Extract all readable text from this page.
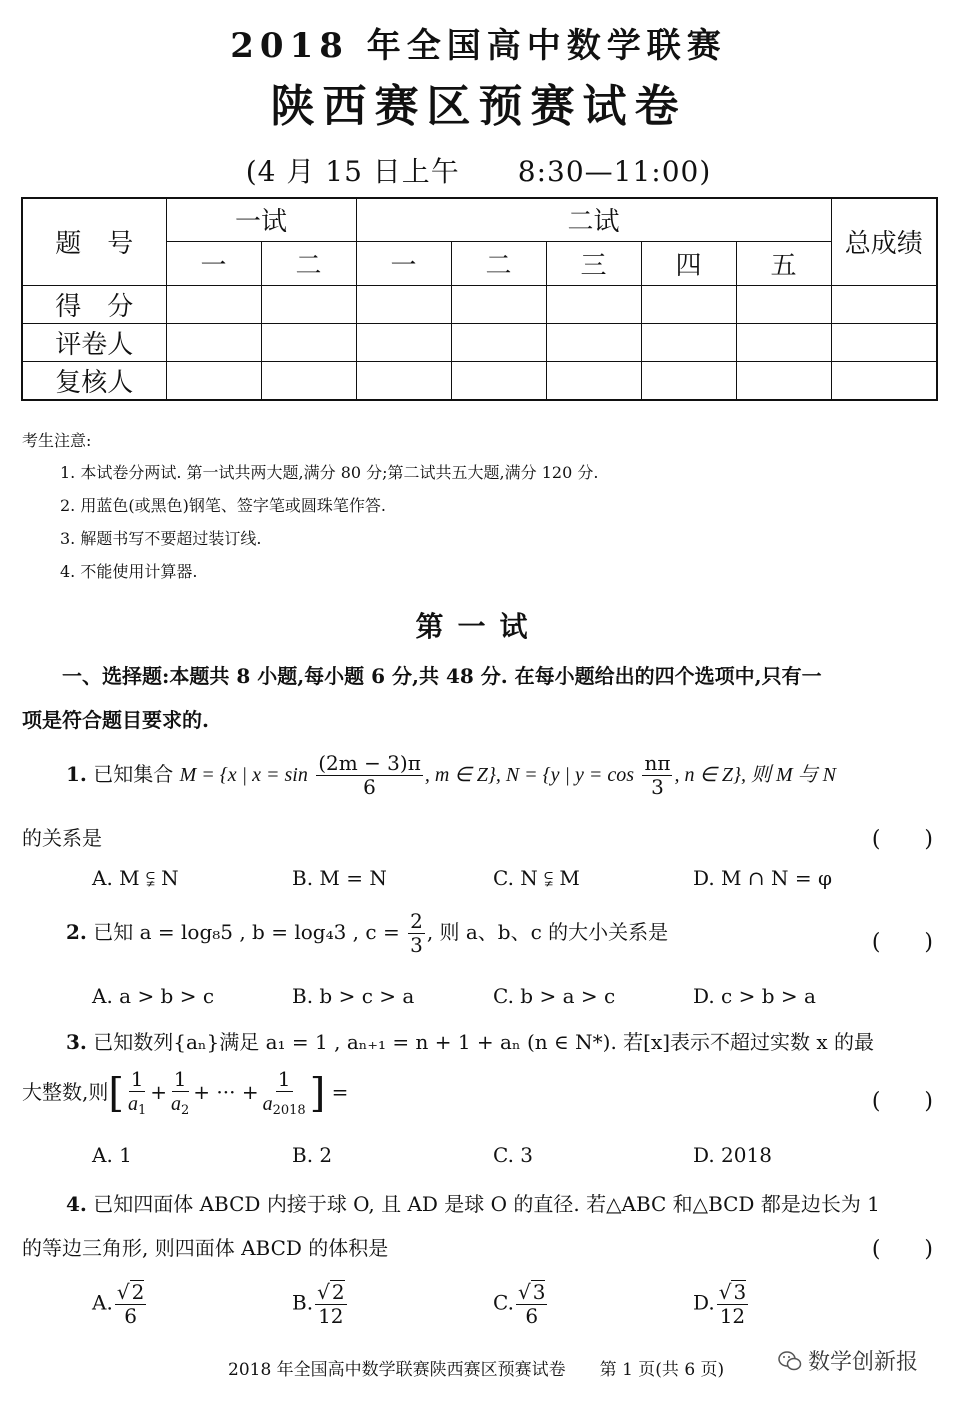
2018 年全国高中数学联赛
陕西赛区预赛试卷
(4 月 15 日上午　　8:30—11:00)
题　号	一试		二试					总成绩
	一	二	一	二	三	四	五	
得　分								
评卷人								
复核人								
考生注意:
1. 本试卷分两试. 第一试共两大题,满分 80 分;第二试共五大题,满分 120 分.
2. 用蓝色(或黑色)钢笔、签字笔或圆珠笔作答.
3. 解题书写不要超过装订线.
4. 不能使用计算器.
第一试
一、选择题:本题共 8 小题,每小题 6 分,共 48 分. 在每小题给出的四个选项中,只有一
项是符合题目要求的.
1. 已知集合 M = {x | $x = \sin \frac{(2m - 3)\pi}{6}$ , m ∈ Z}, N = {y | $y = \cos \frac{n\pi}{3}$ , n ∈ Z}, 则 M 与 N
的关系是	(　　)
A. M ⫋ N	B. M = N	C. N ⫋ M	D. M ∩ N = φ
2. 已知 a = log₈5 , b = log₄3 , $c = \frac{2}{3}$ , 则 a、b、c 的大小关系是	(　　)
A. a > b > c	B. b > c > a	C. b > a > c	D. c > b > a
3. 已知数列{aₙ}满足 a₁ = 1 , aₙ₊₁ = n + 1 + aₙ (n ∈ N*). 若[x]表示不超过实数 x 的最
大整数,则[ $\frac{1}{a_1} + \frac{1}{a_2}$ + ··· + $\frac{1}{a_{2018}}$ ] =	(　　)
A. 1	B. 2	C. 3	D. 2018
4. 已知四面体 ABCD 内接于球 O, 且 AD 是球 O 的直径. 若△ABC 和△BCD 都是边长为 1
的等边三角形, 则四面体 ABCD 的体积是	(　　)
A. $\frac{√ 2}{6}$	B. $\frac{√ 2}{12}$	C. $\frac{√ 3}{6}$	D. $\frac{√ 3}{12}$
2018 年全国高中数学联赛陕西赛区预赛试卷　　第 1 页(共 6 页)	数学创新报
